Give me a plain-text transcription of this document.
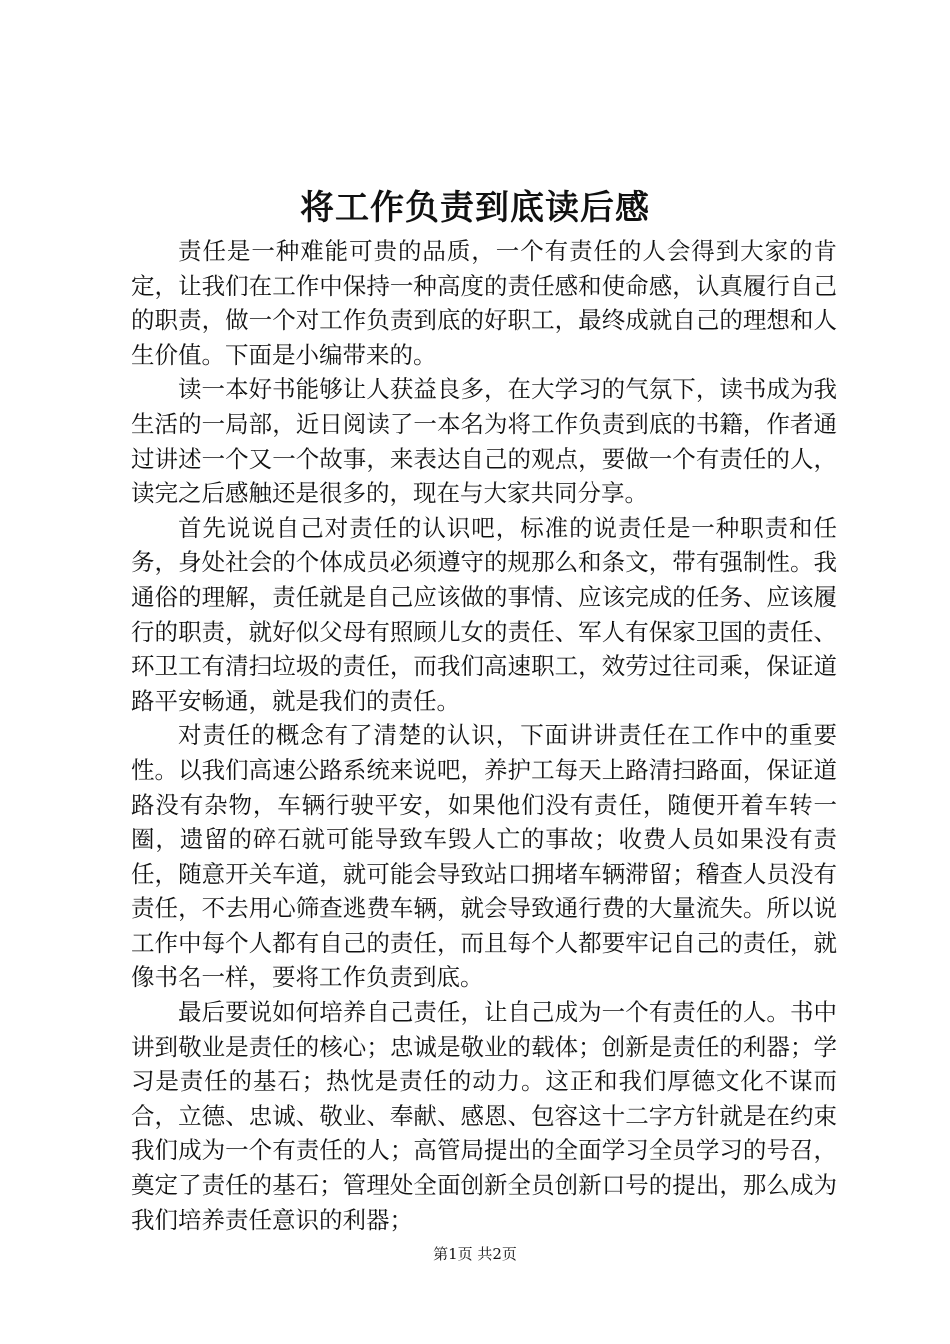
将工作负责到底读后感

责任是一种难能可贵的品质，一个有责任的人会得到大家的肯定，让我们在工作中保持一种高度的责任感和使命感，认真履行自己的职责，做一个对工作负责到底的好职工，最终成就自己的理想和人生价值。下面是小编带来的。

读一本好书能够让人获益良多，在大学习的气氛下，读书成为我生活的一局部，近日阅读了一本名为将工作负责到底的书籍，作者通过讲述一个又一个故事，来表达自己的观点，要做一个有责任的人，读完之后感触还是很多的，现在与大家共同分享。

首先说说自己对责任的认识吧，标准的说责任是一种职责和任务，身处社会的个体成员必须遵守的规那么和条文，带有强制性。我通俗的理解，责任就是自己应该做的事情、应该完成的任务、应该履行的职责，就好似父母有照顾儿女的责任、军人有保家卫国的责任、环卫工有清扫垃圾的责任，而我们高速职工，效劳过往司乘，保证道路平安畅通，就是我们的责任。

对责任的概念有了清楚的认识，下面讲讲责任在工作中的重要性。以我们高速公路系统来说吧，养护工每天上路清扫路面，保证道路没有杂物，车辆行驶平安，如果他们没有责任，随便开着车转一圈，遗留的碎石就可能导致车毁人亡的事故；收费人员如果没有责任，随意开关车道，就可能会导致站口拥堵车辆滞留；稽查人员没有责任，不去用心筛查逃费车辆，就会导致通行费的大量流失。所以说工作中每个人都有自己的责任，而且每个人都要牢记自己的责任，就像书名一样，要将工作负责到底。

最后要说如何培养自己责任，让自己成为一个有责任的人。书中讲到敬业是责任的核心；忠诚是敬业的载体；创新是责任的利器；学习是责任的基石；热忱是责任的动力。这正和我们厚德文化不谋而合，立德、忠诚、敬业、奉献、感恩、包容这十二字方针就是在约束我们成为一个有责任的人；高管局提出的全面学习全员学习的号召，奠定了责任的基石；管理处全面创新全员创新口号的提出，那么成为我们培养责任意识的利器；

第1页 共2页
